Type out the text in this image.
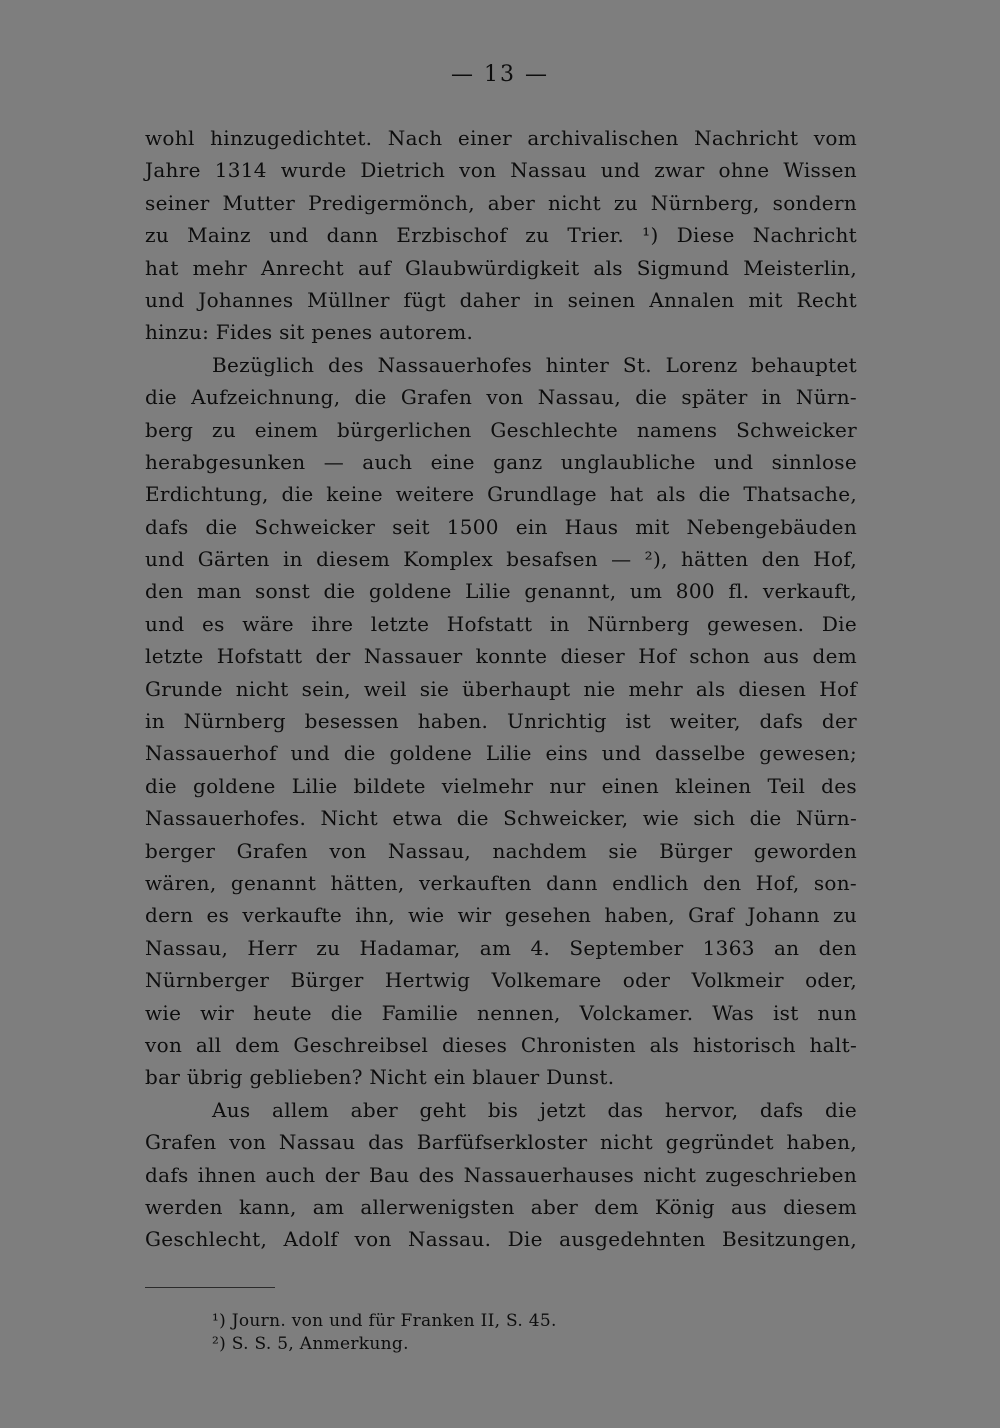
— 13 —
wohl hinzugedichtet. Nach einer archivalischen Nachricht vom
Jahre 1314 wurde Dietrich von Nassau und zwar ohne Wissen
seiner Mutter Predigermönch, aber nicht zu Nürnberg, sondern
zu Mainz und dann Erzbischof zu Trier. ¹) Diese Nachricht
hat mehr Anrecht auf Glaubwürdigkeit als Sigmund Meisterlin,
und Johannes Müllner fügt daher in seinen Annalen mit Recht
hinzu: Fides sit penes autorem.
Bezüglich des Nassauerhofes hinter St. Lorenz behauptet
die Aufzeichnung, die Grafen von Nassau, die später in Nürn-
berg zu einem bürgerlichen Geschlechte namens Schweicker
herabgesunken — auch eine ganz unglaubliche und sinnlose
Erdichtung, die keine weitere Grundlage hat als die Thatsache,
dafs die Schweicker seit 1500 ein Haus mit Nebengebäuden
und Gärten in diesem Komplex besafsen — ²), hätten den Hof,
den man sonst die goldene Lilie genannt, um 800 fl. verkauft,
und es wäre ihre letzte Hofstatt in Nürnberg gewesen. Die
letzte Hofstatt der Nassauer konnte dieser Hof schon aus dem
Grunde nicht sein, weil sie überhaupt nie mehr als diesen Hof
in Nürnberg besessen haben. Unrichtig ist weiter, dafs der
Nassauerhof und die goldene Lilie eins und dasselbe gewesen;
die goldene Lilie bildete vielmehr nur einen kleinen Teil des
Nassauerhofes. Nicht etwa die Schweicker, wie sich die Nürn-
berger Grafen von Nassau, nachdem sie Bürger geworden
wären, genannt hätten, verkauften dann endlich den Hof, son-
dern es verkaufte ihn, wie wir gesehen haben, Graf Johann zu
Nassau, Herr zu Hadamar, am 4. September 1363 an den
Nürnberger Bürger Hertwig Volkemare oder Volkmeir oder,
wie wir heute die Familie nennen, Volckamer. Was ist nun
von all dem Geschreibsel dieses Chronisten als historisch halt-
bar übrig geblieben? Nicht ein blauer Dunst.
Aus allem aber geht bis jetzt das hervor, dafs die
Grafen von Nassau das Barfüfserkloster nicht gegründet haben,
dafs ihnen auch der Bau des Nassauerhauses nicht zugeschrieben
werden kann, am allerwenigsten aber dem König aus diesem
Geschlecht, Adolf von Nassau. Die ausgedehnten Besitzungen,
¹) Journ. von und für Franken II, S. 45.
²) S. S. 5, Anmerkung.
